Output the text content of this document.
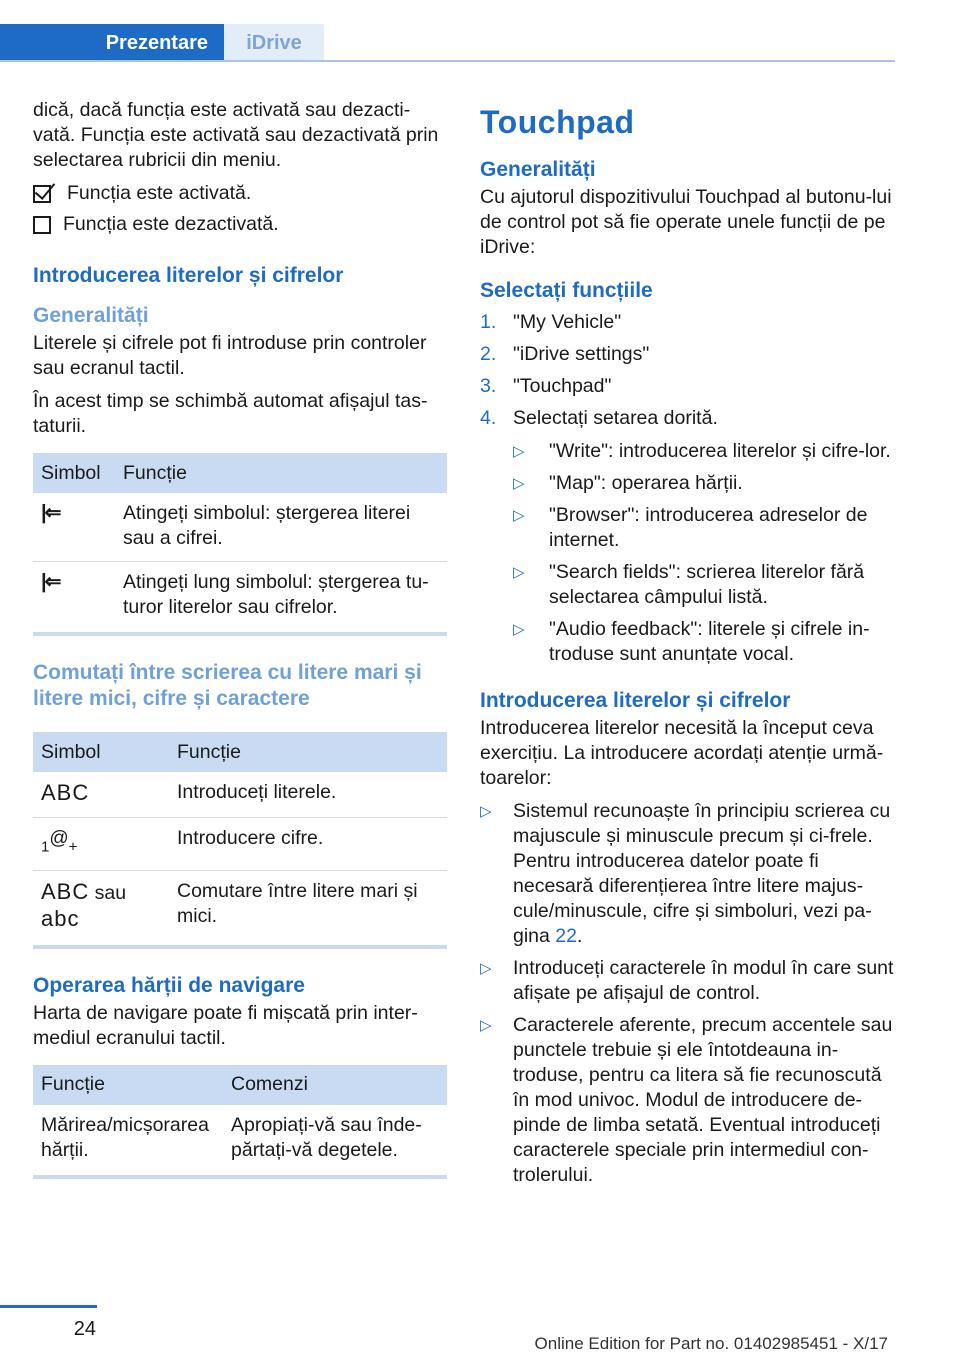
Prezentare	iDrive

dică, dacă funcția este activată sau dezacti-vată. Funcția este activată sau dezactivată prin selectarea rubricii din meniu.

Funcția este activată.
Funcția este dezactivată.
Introducerea literelor și cifrelor
Generalități

Literele și cifrele pot fi introduse prin controler sau ecranul tactil.

În acest timp se schimbă automat afișajul tas-taturii.

Simbol	Funcție
|⇐	Atingeți simbolul: ștergerea literei sau a cifrei.
|⇐	Atingeți lung simbolul: ștergerea tu-turor literelor sau cifrelor.
Comutați între scrierea cu litere mari și litere mici, cifre și caractere
Simbol	Funcție
ABC	Introduceți literele.
1@+	Introducere cifre.
ABC sau
abc	Comutare între litere mari și mici.
Operarea hărții de navigare

Harta de navigare poate fi mișcată prin inter-mediul ecranului tactil.

Funcție	Comenzi
Mărirea/micșorarea hărții.	Apropiați-vă sau înde-părtați-vă degetele.
Touchpad
Generalități

Cu ajutorul dispozitivului Touchpad al butonu-lui de control pot să fie operate unele funcții de pe iDrive:

Selectați funcțiile
1. "My Vehicle"
2. "iDrive settings"
3. "Touchpad"
4. Selectați setarea dorită.
▷	"Write": introducerea literelor și cifre-lor.
▷	"Map": operarea hărții.
▷	"Browser": introducerea adreselor de internet.
▷	"Search fields": scrierea literelor fără selectarea câmpului listă.
▷	"Audio feedback": literele și cifrele in-troduse sunt anunțate vocal.
Introducerea literelor și cifrelor

Introducerea literelor necesită la început ceva exercițiu. La introducere acordați atenție urmă-toarelor:

▷	Sistemul recunoaște în principiu scrierea cu majuscule și minuscule precum și ci-frele. Pentru introducerea datelor poate fi necesară diferențierea între litere majus-cule/minuscule, cifre și simboluri, vezi pa-gina 22.
▷	Introduceți caracterele în modul în care sunt afișate pe afișajul de control.
▷	Caracterele aferente, precum accentele sau punctele trebuie și ele întotdeauna in-troduse, pentru ca litera să fie recunoscută în mod univoc. Modul de introducere de-pinde de limba setată. Eventual introduceți caracterele speciale prin intermediul con-trolerului.
24
Online Edition for Part no. 01402985451 - X/17
